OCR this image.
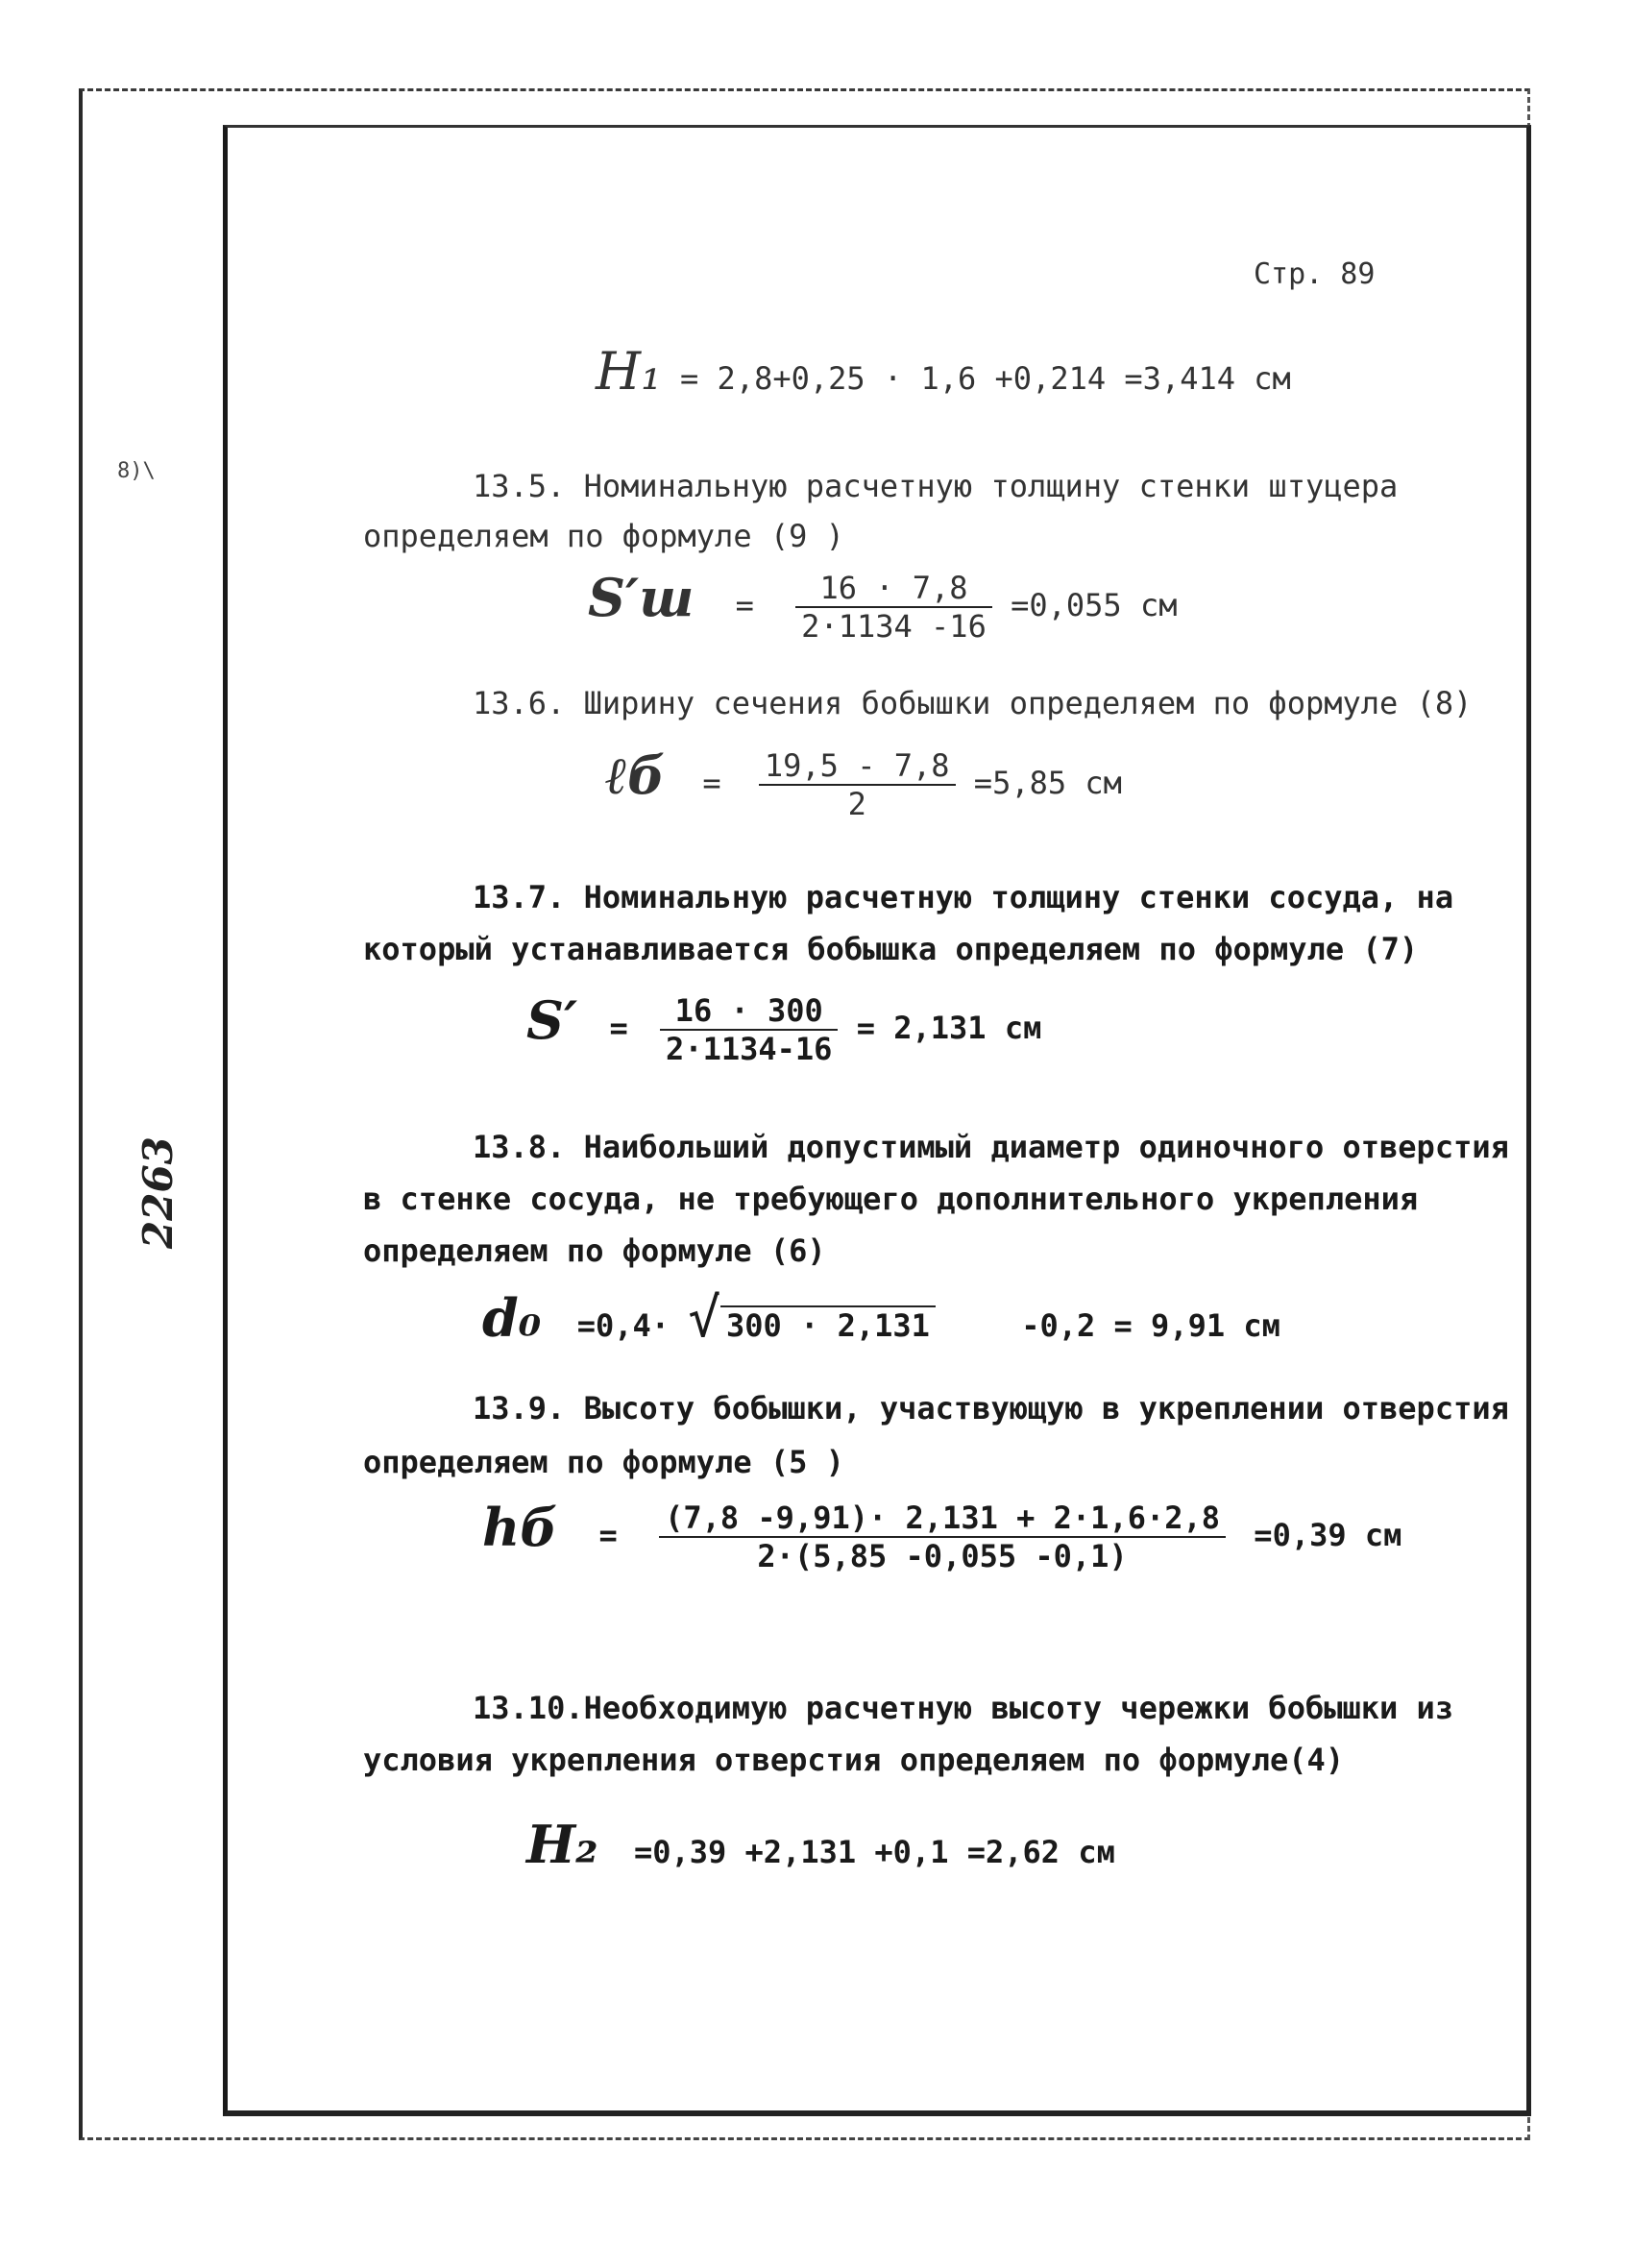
Стр. 89
8)\
2263
H₁ = 2,8+0,25 · 1,6 +0,214 =3,414 см
13.5. Номинальную расчетную толщину стенки штуцера
определяем по формуле (9 )
$S'ш = \frac{16 \cdot 7,8}{2\cdot 1134 -16} =0,055$ см
13.6. Ширину сечения бобышки определяем по формуле (8)
ℓб = $\frac{19,5 - 7,8}{2} =5,85$ см
13.7. Номинальную расчетную толщину стенки сосуда, на
который устанавливается бобышка определяем по формуле (7)
$S' = \frac{16 \cdot 300}{2\cdot 1134-16} = 2,131$ см
13.8. Наибольший допустимый диаметр одиночного отверстия
в стенке сосуда, не требующего дополнительного укрепления
определяем по формуле (6)
d₀ =0,4· √ 300 · 2,131	-0,2 = 9,91 см
13.9. Высоту бобышки, участвующую в укреплении отверстия
определяем по формуле (5 )
hб = $\frac{(7,8 -9,91)\cdot 2,131 + 2\cdot 1,6\cdot 2,8}{2\cdot(5,85 -0,055 -0,1)} =0,39$ см
13.10.Необходимую расчетную высоту чережки бобышки из
условия укрепления отверстия определяем по формуле(4)
H₂ =0,39 +2,131 +0,1 =2,62 см
